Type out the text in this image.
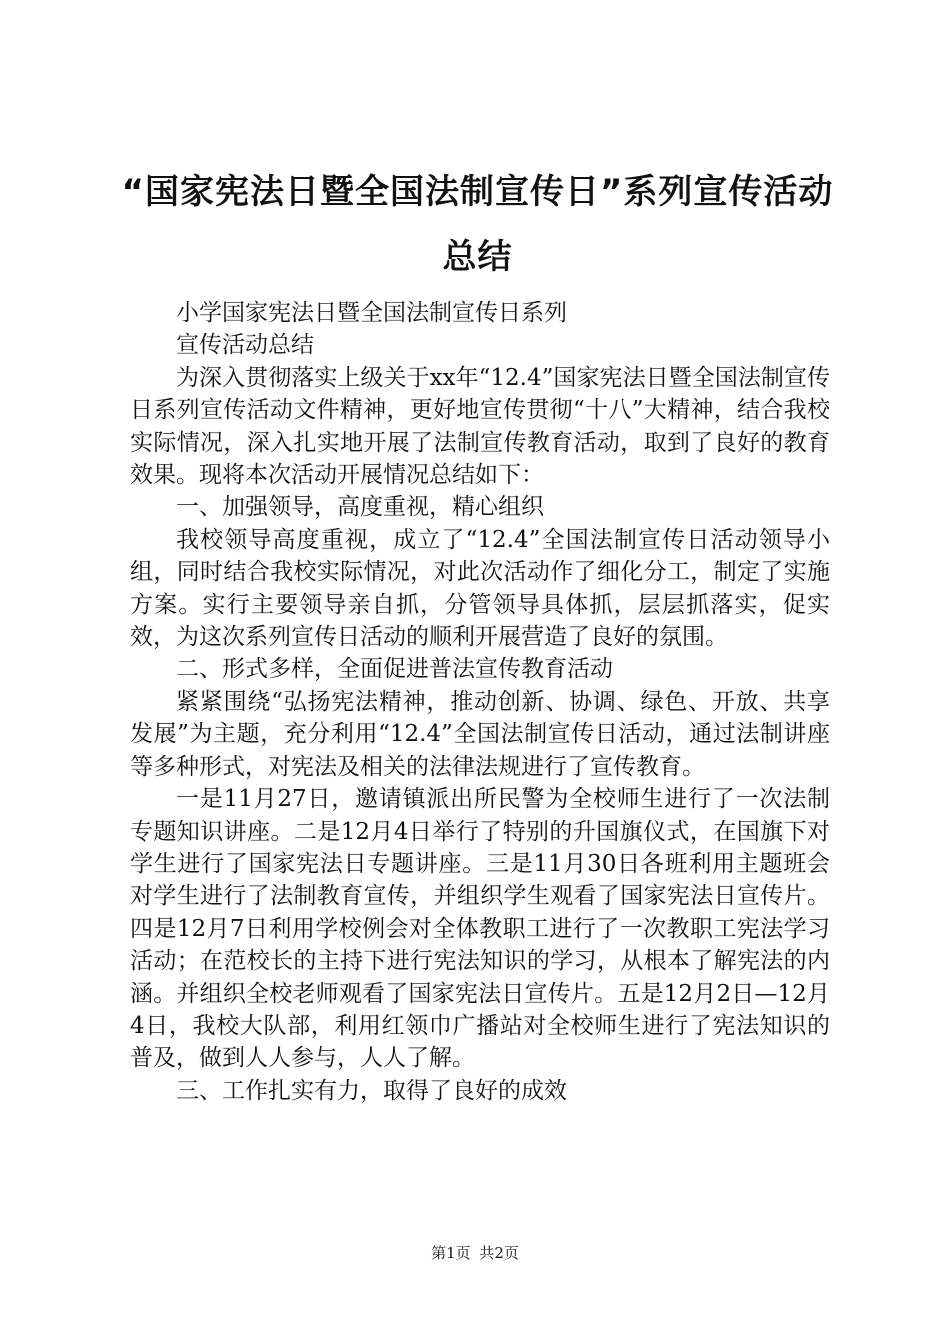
“国家宪法日暨全国法制宣传日”系列宣传活动总结

小学国家宪法日暨全国法制宣传日系列

宣传活动总结

为深入贯彻落实上级关于xx年“12.4”国家宪法日暨全国法制宣传日系列宣传活动文件精神，更好地宣传贯彻“十八”大精神，结合我校实际情况，深入扎实地开展了法制宣传教育活动，取到了良好的教育效果。现将本次活动开展情况总结如下：

一、加强领导，高度重视，精心组织

我校领导高度重视，成立了“12.4”全国法制宣传日活动领导小组，同时结合我校实际情况，对此次活动作了细化分工，制定了实施方案。实行主要领导亲自抓，分管领导具体抓，层层抓落实，促实效，为这次系列宣传日活动的顺利开展营造了良好的氛围。

二、形式多样，全面促进普法宣传教育活动

紧紧围绕“弘扬宪法精神，推动创新、协调、绿色、开放、共享发展”为主题，充分利用“12.4”全国法制宣传日活动，通过法制讲座等多种形式，对宪法及相关的法律法规进行了宣传教育。

一是11月27日，邀请镇派出所民警为全校师生进行了一次法制专题知识讲座。二是12月4日举行了特别的升国旗仪式，在国旗下对学生进行了国家宪法日专题讲座。三是11月30日各班利用主题班会对学生进行了法制教育宣传，并组织学生观看了国家宪法日宣传片。四是12月7日利用学校例会对全体教职工进行了一次教职工宪法学习活动；在范校长的主持下进行宪法知识的学习，从根本了解宪法的内涵。并组织全校老师观看了国家宪法日宣传片。五是12月2日—12月4日，我校大队部，利用红领巾广播站对全校师生进行了宪法知识的普及，做到人人参与，人人了解。

三、工作扎实有力，取得了良好的成效

第1页 共2页
